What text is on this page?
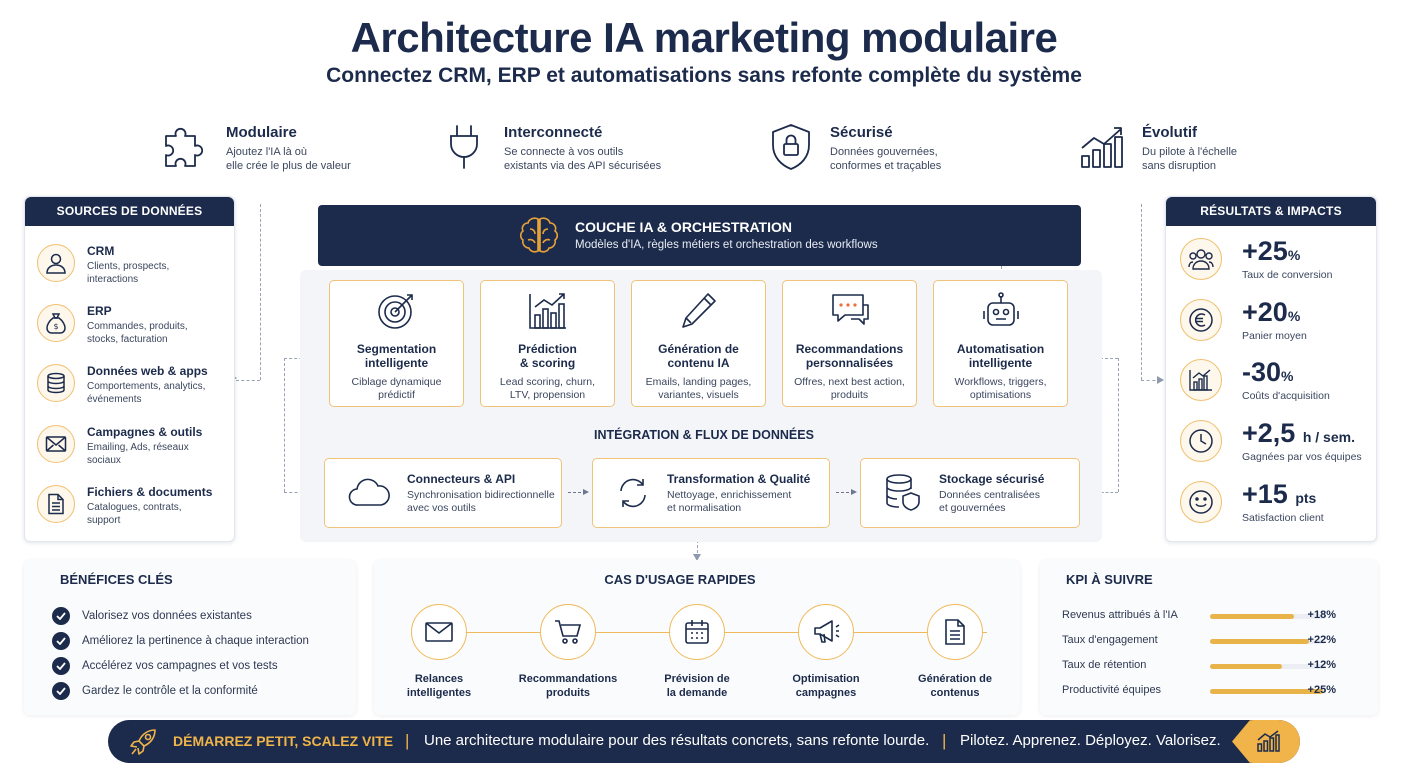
Architecture IA marketing modulaire
Connectez CRM, ERP et automatisations sans refonte complète du système
Modulaire
Ajoutez l'IA là où
elle crée le plus de valeur
Interconnecté
Se connecte à vos outils
existants via des API sécurisées
Sécurisé
Données gouvernées,
conformes et traçables
Évolutif
Du pilote à l'échelle
sans disruption
SOURCES DE DONNÉES
CRM
Clients, prospects,
interactions
$
ERP
Commandes, produits,
stocks, facturation
Données web & apps
Comportements, analytics,
événements
Campagnes & outils
Emailing, Ads, réseaux
sociaux
Fichiers & documents
Catalogues, contrats,
support
COUCHE IA & ORCHESTRATION
Modèles d'IA, règles métiers et orchestration des workflows
Segmentation
intelligente
Ciblage dynamique
prédictif
Prédiction
& scoring
Lead scoring, churn,
LTV, propension
Génération de
contenu IA
Emails, landing pages,
variantes, visuels
Recommandations
personnalisées
Offres, next best action,
produits
Automatisation
intelligente
Workflows, triggers,
optimisations
INTÉGRATION & FLUX DE DONNÉES
Connecteurs & API
Synchronisation bidirectionnelle
avec vos outils
Transformation & Qualité
Nettoyage, enrichissement
et normalisation
Stockage sécurisé
Données centralisées
et gouvernées
RÉSULTATS & IMPACTS
+25%
Taux de conversion
+20%
Panier moyen
-30%
Coûts d'acquisition
+2,5 h / sem.
Gagnées par vos équipes
+15 pts
Satisfaction client
BÉNÉFICES CLÉS
Valorisez vos données existantes
Améliorez la pertinence à chaque interaction
Accélérez vos campagnes et vos tests
Gardez le contrôle et la conformité
CAS D'USAGE RAPIDES
Relances
intelligentes
Recommandations
produits
Prévision de
la demande
Optimisation
campagnes
Génération de
contenus
KPI À SUIVRE
Revenus attribués à l'IA	+18%
Taux d'engagement	+22%
Taux de rétention	+12%
Productivité équipes	+25%
DÉMARREZ PETIT, SCALEZ VITE | Une architecture modulaire pour des résultats concrets, sans refonte lourde. | Pilotez. Apprenez. Déployez. Valorisez.
